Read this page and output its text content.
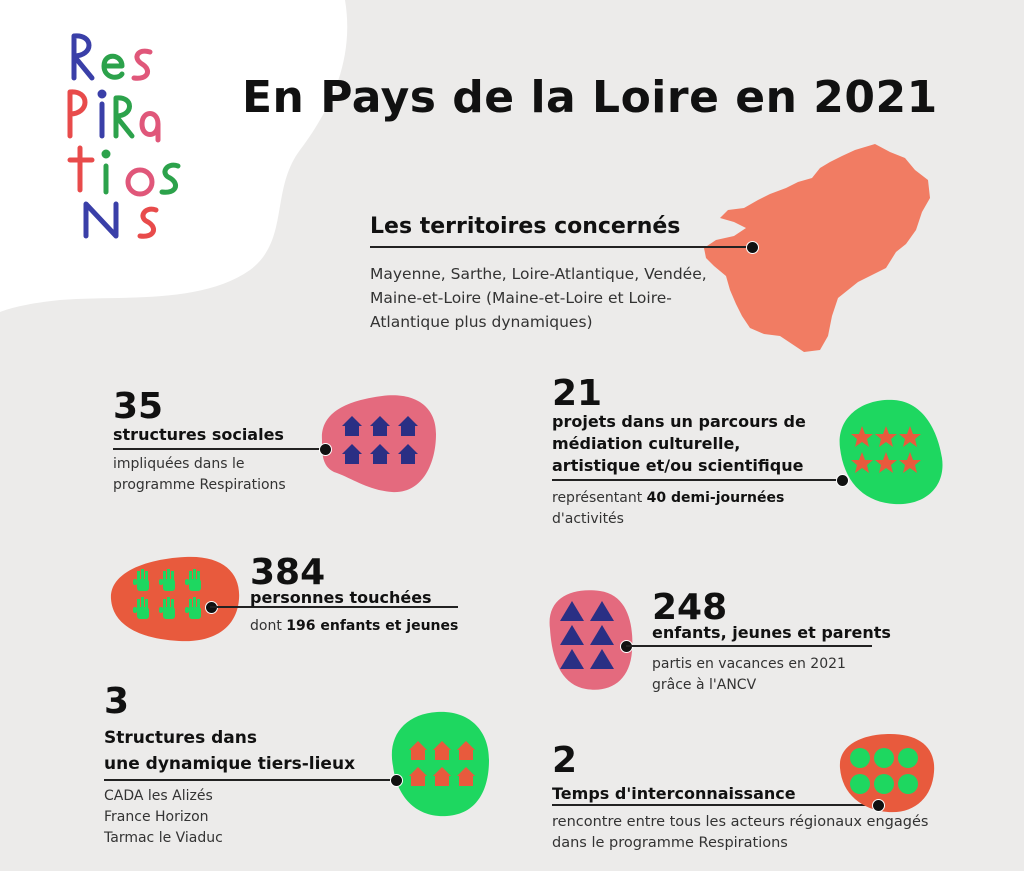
En Pays de la Loire en 2021
Les territoires concernés
Mayenne, Sarthe, Loire-Atlantique, Vendée, Maine-et-Loire (Maine-et-Loire et Loire-Atlantique plus dynamiques)
35
structures sociales
impliquées dans le programme Respirations
21
projets dans un parcours de médiation culturelle, artistique et/ou scientifique
représentant 40 demi-journées d'activités
384
personnes touchées
dont 196 enfants et jeunes	248
enfants, jeunes et parents
partis en vacances en 2021 grâce à l'ANCV
3
Structures dans
une dynamique tiers-lieux
CADA les Alizés
France Horizon
Tarmac le Viaduc
2
Temps d'interconnaissance
rencontre entre tous les acteurs régionaux engagés dans le programme Respirations
